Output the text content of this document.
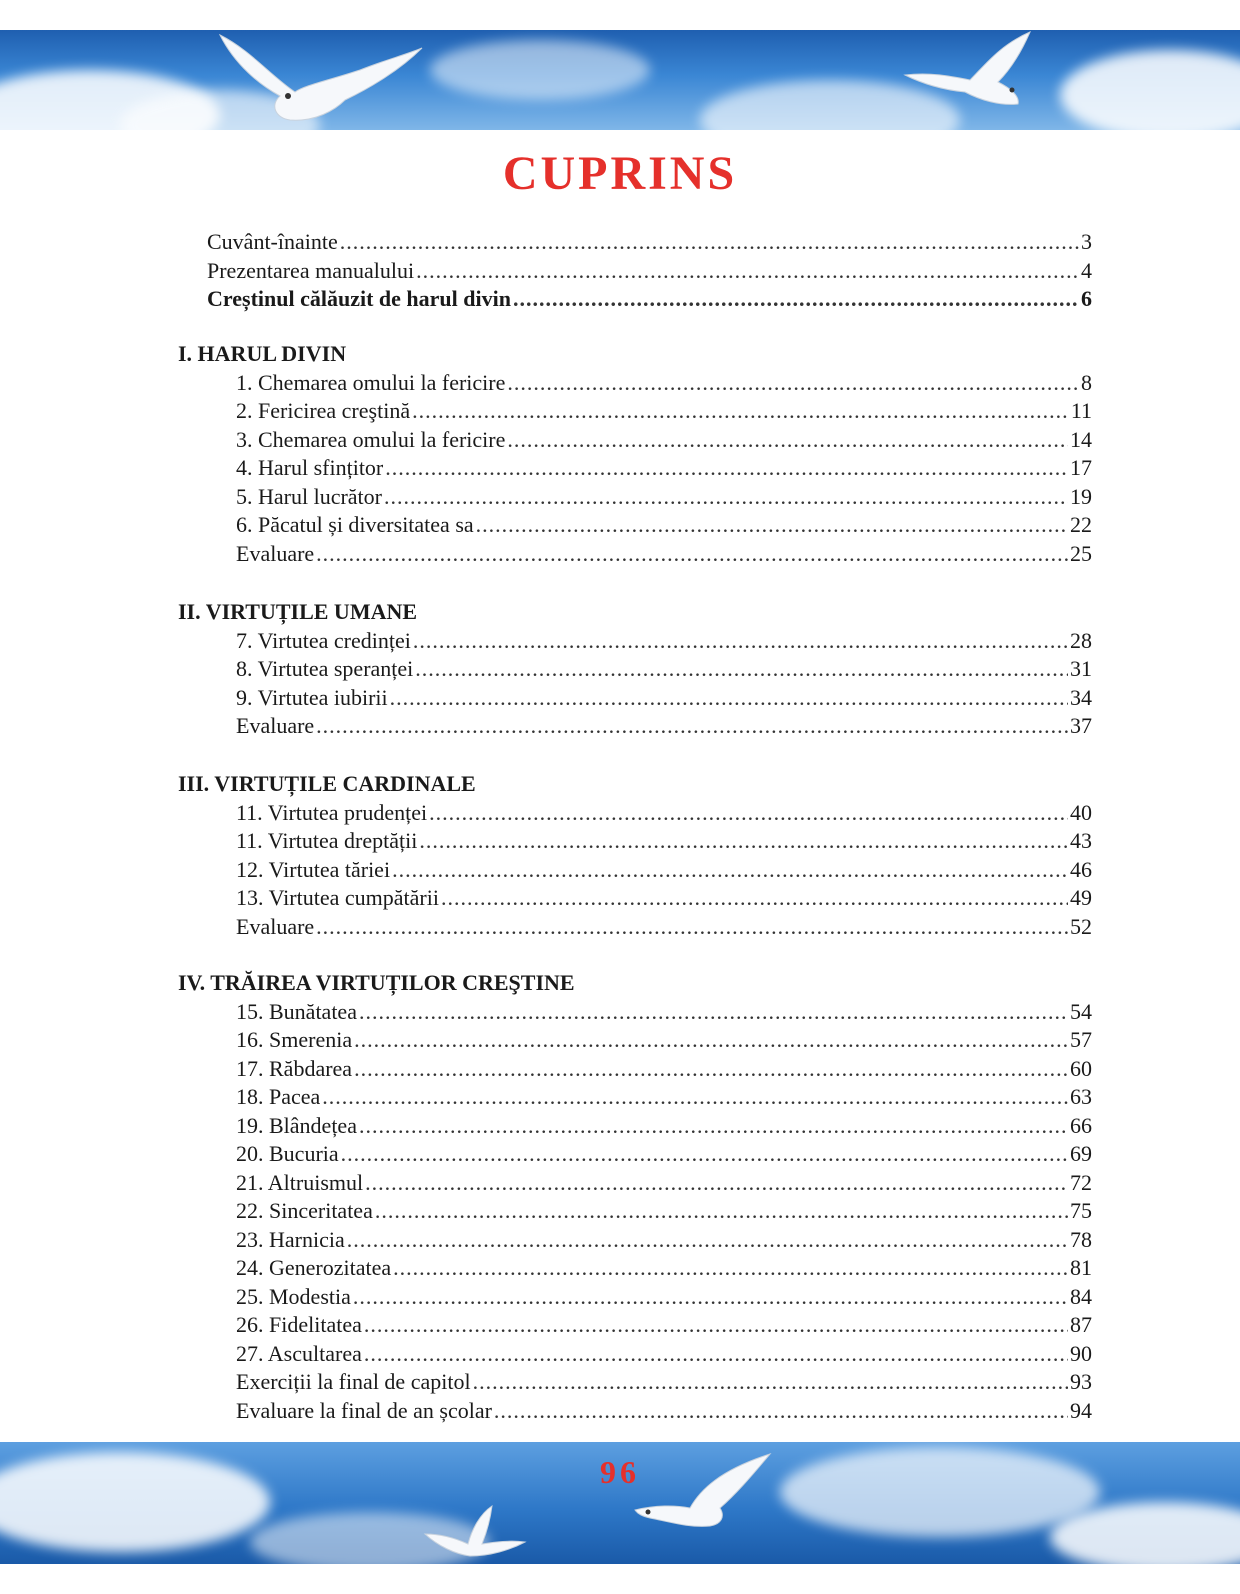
CUPRINS
Cuvânt-înainte .....	3
Prezentarea manualului .....	4
Creștinul călăuzit de harul divin .....	6
I. HARUL DIVIN
1. Chemarea omului la fericire .....	8
2. Fericirea creştină .....	11
3. Chemarea omului la fericire .....	14
4. Harul sfințitor .....	17
5. Harul lucrător .....	19
6. Păcatul și diversitatea sa .....	22
Evaluare .....	25
II. VIRTUȚILE UMANE
7. Virtutea credinței .....	28
8. Virtutea speranței .....	31
9. Virtutea iubirii .....	34
Evaluare .....	37
III. VIRTUȚILE CARDINALE
11. Virtutea prudenței .....	40
11. Virtutea dreptății .....	43
12. Virtutea tăriei .....	46
13. Virtutea cumpătării .....	49
Evaluare .....	52
IV. TRĂIREA VIRTUȚILOR CREŞTINE
15. Bunătatea .....	54
16. Smerenia .....	57
17. Răbdarea .....	60
18. Pacea .....	63
19. Blândețea .....	66
20. Bucuria .....	69
21. Altruismul .....	72
22. Sinceritatea .....	75
23. Harnicia .....	78
24. Generozitatea .....	81
25. Modestia .....	84
26. Fidelitatea .....	87
27. Ascultarea .....	90
Exerciții la final de capitol .....	93
Evaluare la final de an școlar .....	94
96
